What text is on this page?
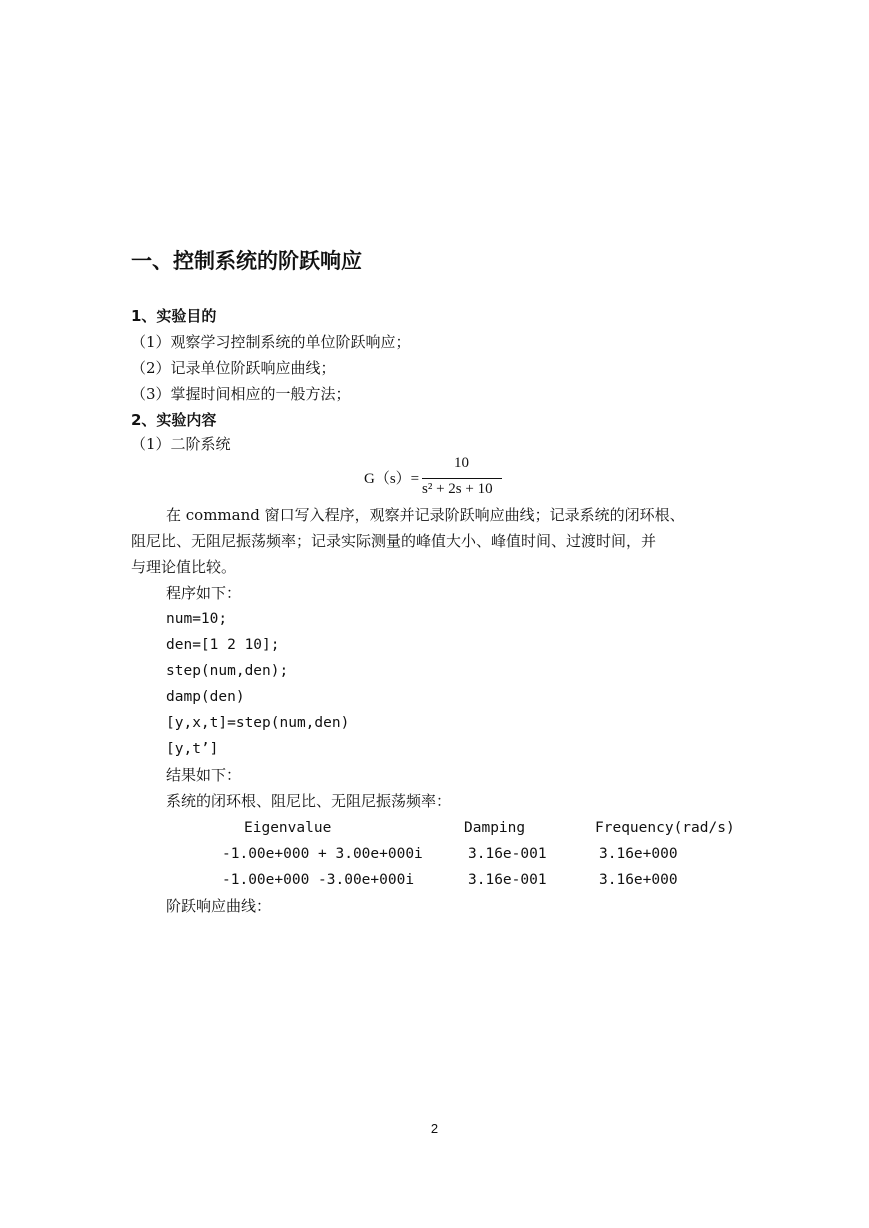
一、控制系统的阶跃响应
1、实验目的
（1）观察学习控制系统的单位阶跃响应；
（2）记录单位阶跃响应曲线；
（3）掌握时间相应的一般方法；
2、实验内容
（1）二阶系统
G（s）=
10
s² + 2s + 10
在 command 窗口写入程序，观察并记录阶跃响应曲线；记录系统的闭环根、
阻尼比、无阻尼振荡频率；记录实际测量的峰值大小、峰值时间、过渡时间，并
与理论值比较。
程序如下：
num=10;
den=[1 2 10];
step(num,den);
damp(den)
[y,x,t]=step(num,den)
[y,t’]
结果如下：
系统的闭环根、阻尼比、无阻尼振荡频率：
Eigenvalue	Damping	Frequency(rad/s)
-1.00e+000 + 3.00e+000i	3.16e-001	3.16e+000
-1.00e+000 -3.00e+000i	3.16e-001	3.16e+000
阶跃响应曲线：
2
